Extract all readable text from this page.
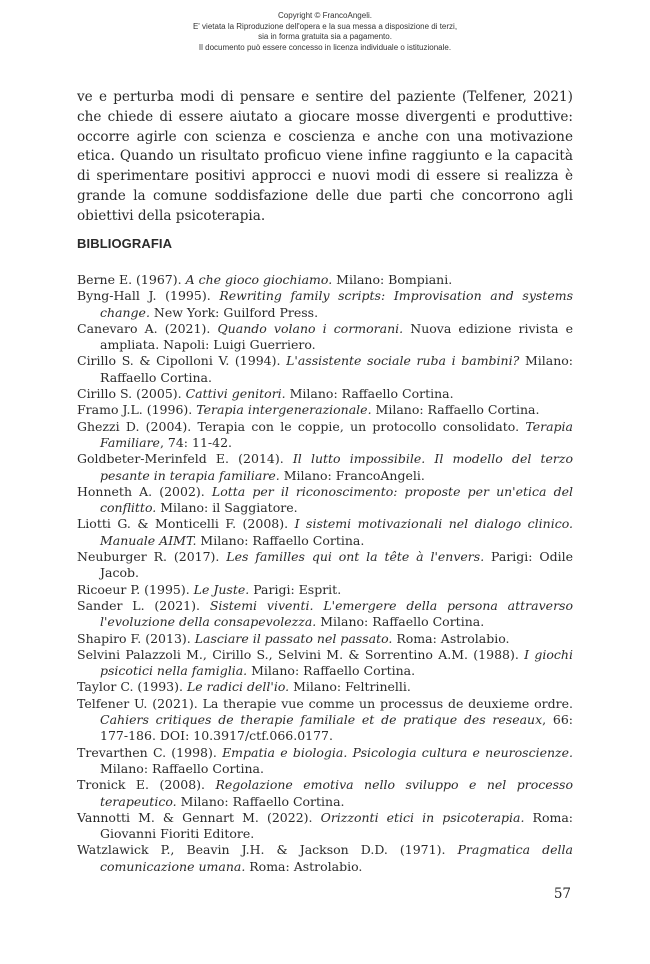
Copyright © FrancoAngeli.
E' vietata la Riproduzione dell'opera e la sua messa a disposizione di terzi,
sia in forma gratuita sia a pagamento.
Il documento può essere concesso in licenza individuale o istituzionale.

ve e perturba modi di pensare e sentire del paziente (Telfener, 2021) che chiede di essere aiutato a giocare mosse divergenti e produttive: occorre agirle con scienza e coscienza e anche con una motivazione etica. Quando un risultato proficuo viene infine raggiunto e la capacità di sperimentare positivi approcci e nuovi modi di essere si realizza è grande la comune soddisfazione delle due parti che concorrono agli obiettivi della psicoterapia.

BIBLIOGRAFIA
Berne E. (1967). A che gioco giochiamo. Milano: Bompiani.
Byng-Hall J. (1995). Rewriting family scripts: Improvisation and systems change. New York: Guilford Press.
Canevaro A. (2021). Quando volano i cormorani. Nuova edizione rivista e ampliata. Napoli: Luigi Guerriero.
Cirillo S. & Cipolloni V. (1994). L'assistente sociale ruba i bambini? Milano: Raffaello Cortina.
Cirillo S. (2005). Cattivi genitori. Milano: Raffaello Cortina.
Framo J.L. (1996). Terapia intergenerazionale. Milano: Raffaello Cortina.
Ghezzi D. (2004). Terapia con le coppie, un protocollo consolidato. Terapia Familiare, 74: 11-42.
Goldbeter-Merinfeld E. (2014). Il lutto impossibile. Il modello del terzo pesante in terapia familiare. Milano: FrancoAngeli.
Honneth A. (2002). Lotta per il riconoscimento: proposte per un'etica del conflitto. Milano: il Saggiatore.
Liotti G. & Monticelli F. (2008). I sistemi motivazionali nel dialogo clinico. Manuale AIMT. Milano: Raffaello Cortina.
Neuburger R. (2017). Les familles qui ont la tête à l'envers. Parigi: Odile Jacob.
Ricoeur P. (1995). Le Juste. Parigi: Esprit.
Sander L. (2021). Sistemi viventi. L'emergere della persona attraverso l'evoluzione della consapevolezza. Milano: Raffaello Cortina.
Shapiro F. (2013). Lasciare il passato nel passato. Roma: Astrolabio.
Selvini Palazzoli M., Cirillo S., Selvini M. & Sorrentino A.M. (1988). I giochi psicotici nella famiglia. Milano: Raffaello Cortina.
Taylor C. (1993). Le radici dell'io. Milano: Feltrinelli.
Telfener U. (2021). La therapie vue comme un processus de deuxieme ordre. Cahiers critiques de therapie familiale et de pratique des reseaux, 66: 177-186. DOI: 10.3917/ctf.066.0177.
Trevarthen C. (1998). Empatia e biologia. Psicologia cultura e neuroscienze. Milano: Raffaello Cortina.
Tronick E. (2008). Regolazione emotiva nello sviluppo e nel processo terapeutico. Milano: Raffaello Cortina.
Vannotti M. & Gennart M. (2022). Orizzonti etici in psicoterapia. Roma: Giovanni Fioriti Editore.
Watzlawick P., Beavin J.H. & Jackson D.D. (1971). Pragmatica della comunicazione umana. Roma: Astrolabio.
57
